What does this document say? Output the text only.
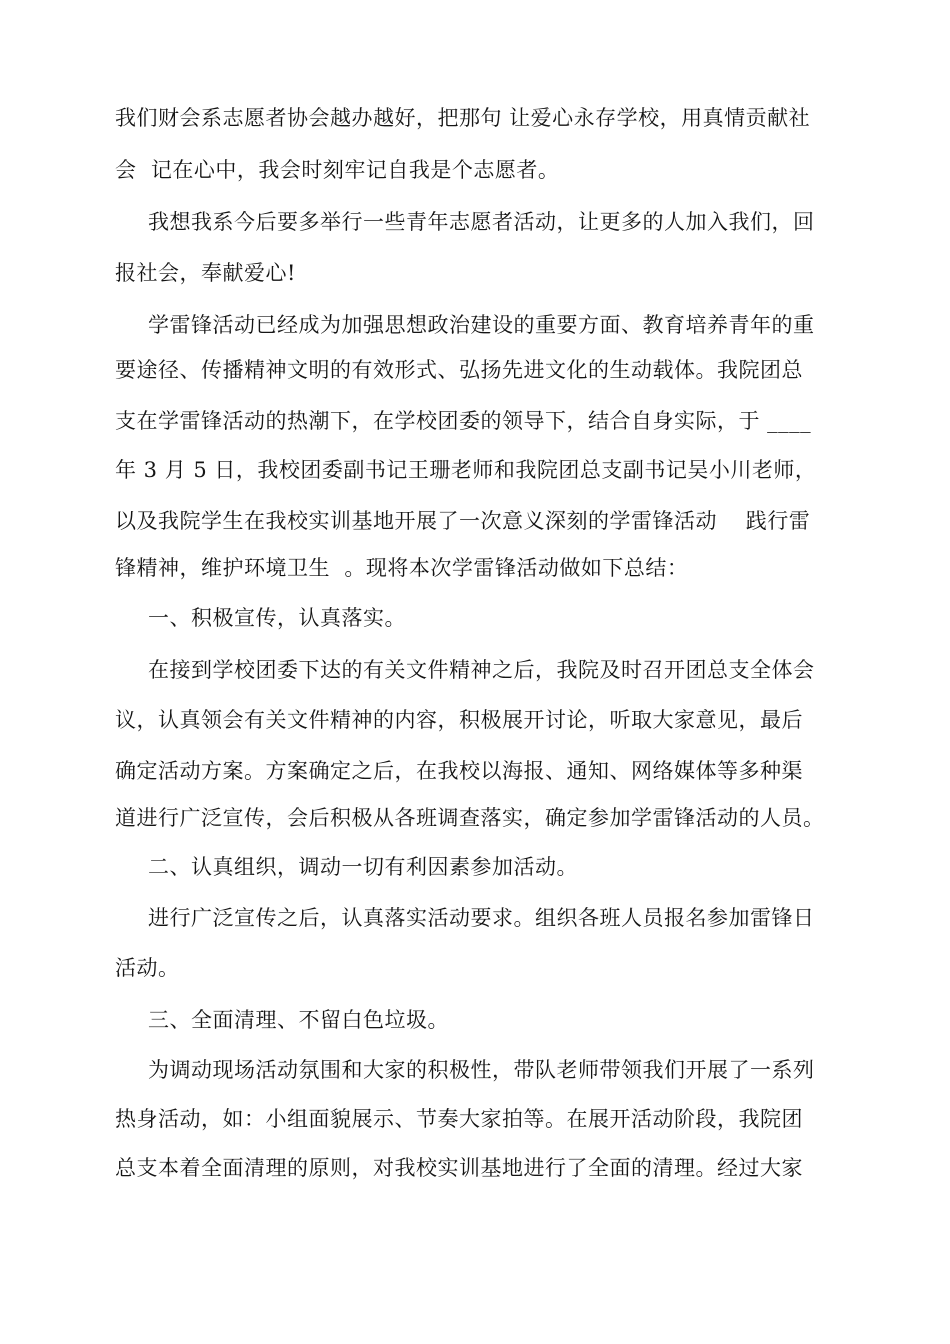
我们财会系志愿者协会越办越好，把那句 让爱心永存学校，用真情贡献社
会  记在心中，我会时刻牢记自我是个志愿者。
我想我系今后要多举行一些青年志愿者活动，让更多的人加入我们，回
报社会，奉献爱心!
学雷锋活动已经成为加强思想政治建设的重要方面、教育培养青年的重
要途径、传播精神文明的有效形式、弘扬先进文化的生动载体。我院团总
支在学雷锋活动的热潮下，在学校团委的领导下，结合自身实际，于 ____
年 3 月 5 日，我校团委副书记王珊老师和我院团总支副书记吴小川老师，
以及我院学生在我校实训基地开展了一次意义深刻的学雷锋活动    践行雷
锋精神，维护环境卫生  。现将本次学雷锋活动做如下总结：
一、积极宣传，认真落实。
在接到学校团委下达的有关文件精神之后，我院及时召开团总支全体会
议，认真领会有关文件精神的内容，积极展开讨论，听取大家意见，最后
确定活动方案。方案确定之后，在我校以海报、通知、网络媒体等多种渠
道进行广泛宣传，会后积极从各班调查落实，确定参加学雷锋活动的人员。
二、认真组织，调动一切有利因素参加活动。
进行广泛宣传之后，认真落实活动要求。组织各班人员报名参加雷锋日
活动。
三、全面清理、不留白色垃圾。
为调动现场活动氛围和大家的积极性，带队老师带领我们开展了一系列
热身活动，如：小组面貌展示、节奏大家拍等。在展开活动阶段，我院团
总支本着全面清理的原则，对我校实训基地进行了全面的清理。经过大家
